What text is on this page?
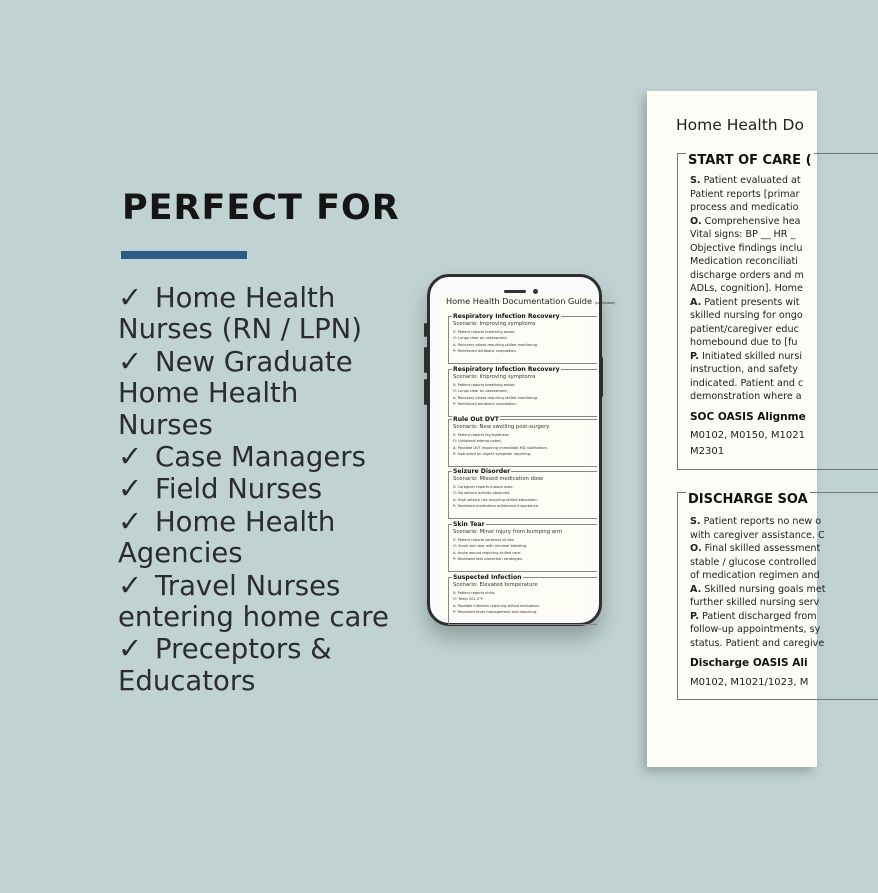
PERFECT FOR
✓ Home Health
Nurses (RN / LPN)
✓ New Graduate
Home Health
Nurses
✓ Case Managers
✓ Field Nurses
✓ Home Health
Agencies
✓ Travel Nurses
entering home care
✓ Preceptors &
Educators
Home Health Do
START OF CARE (
S. Patient evaluated at
Patient reports [primar
process and medicatio
O. Comprehensive hea
Vital signs: BP __ HR _
Objective findings inclu
Medication reconciliati
discharge orders and m
ADLs, cognition]. Home
A. Patient presents wit
skilled nursing for ongo
patient/caregiver educ
homebound due to [fu
P. Initiated skilled nursi
instruction, and safety
indicated. Patient and c
demonstration where a
SOC OASIS Alignme
M0102, M0150, M1021
M2301
DISCHARGE SOA
S. Patient reports no new o
with caregiver assistance. C
O. Final skilled assessment
stable / glucose controlled
of medication regimen and
A. Skilled nursing goals met
further skilled nursing serv
P. Patient discharged from
follow-up appointments, sy
status. Patient and caregive
Discharge OASIS Ali
M0102, M1021/1023, M
Home Health Documentation Guide (continued)
Respiratory Infection Recovery
Scenario: Improving symptoms
S: Patient reports breathing easier.
O: Lungs clear on assessment.
A: Recovery phase requiring skilled monitoring.
P: Reinforced antibiotic completion.
Respiratory Infection Recovery
Scenario: Improving symptoms
S: Patient reports breathing easier.
O: Lungs clear on assessment.
A: Recovery phase requiring skilled monitoring.
P: Reinforced antibiotic completion.
Rule Out DVT
Scenario: New swelling post-surgery
S: Patient reports leg tightness.
O: Unilateral edema noted.
A: Possible DVT requiring immediate MD notification.
P: Instructed on urgent symptom reporting.
Seizure Disorder
Scenario: Missed medication dose
S: Caregiver reports missed dose.
O: No seizure activity observed.
A: High seizure risk requiring skilled education.
P: Reviewed medication adherence importance.
Skin Tear
Scenario: Minor injury from bumping arm
S: Patient reports soreness at site.
O: Small skin tear with minimal bleeding.
A: Acute wound requiring skilled care.
P: Reviewed skin protection strategies.
Suspected Infection
Scenario: Elevated temperature
S: Patient reports chills.
O: Temp 101.2°F.
A: Possible infection requiring skilled evaluation.
P: Reviewed fever management and reporting.
